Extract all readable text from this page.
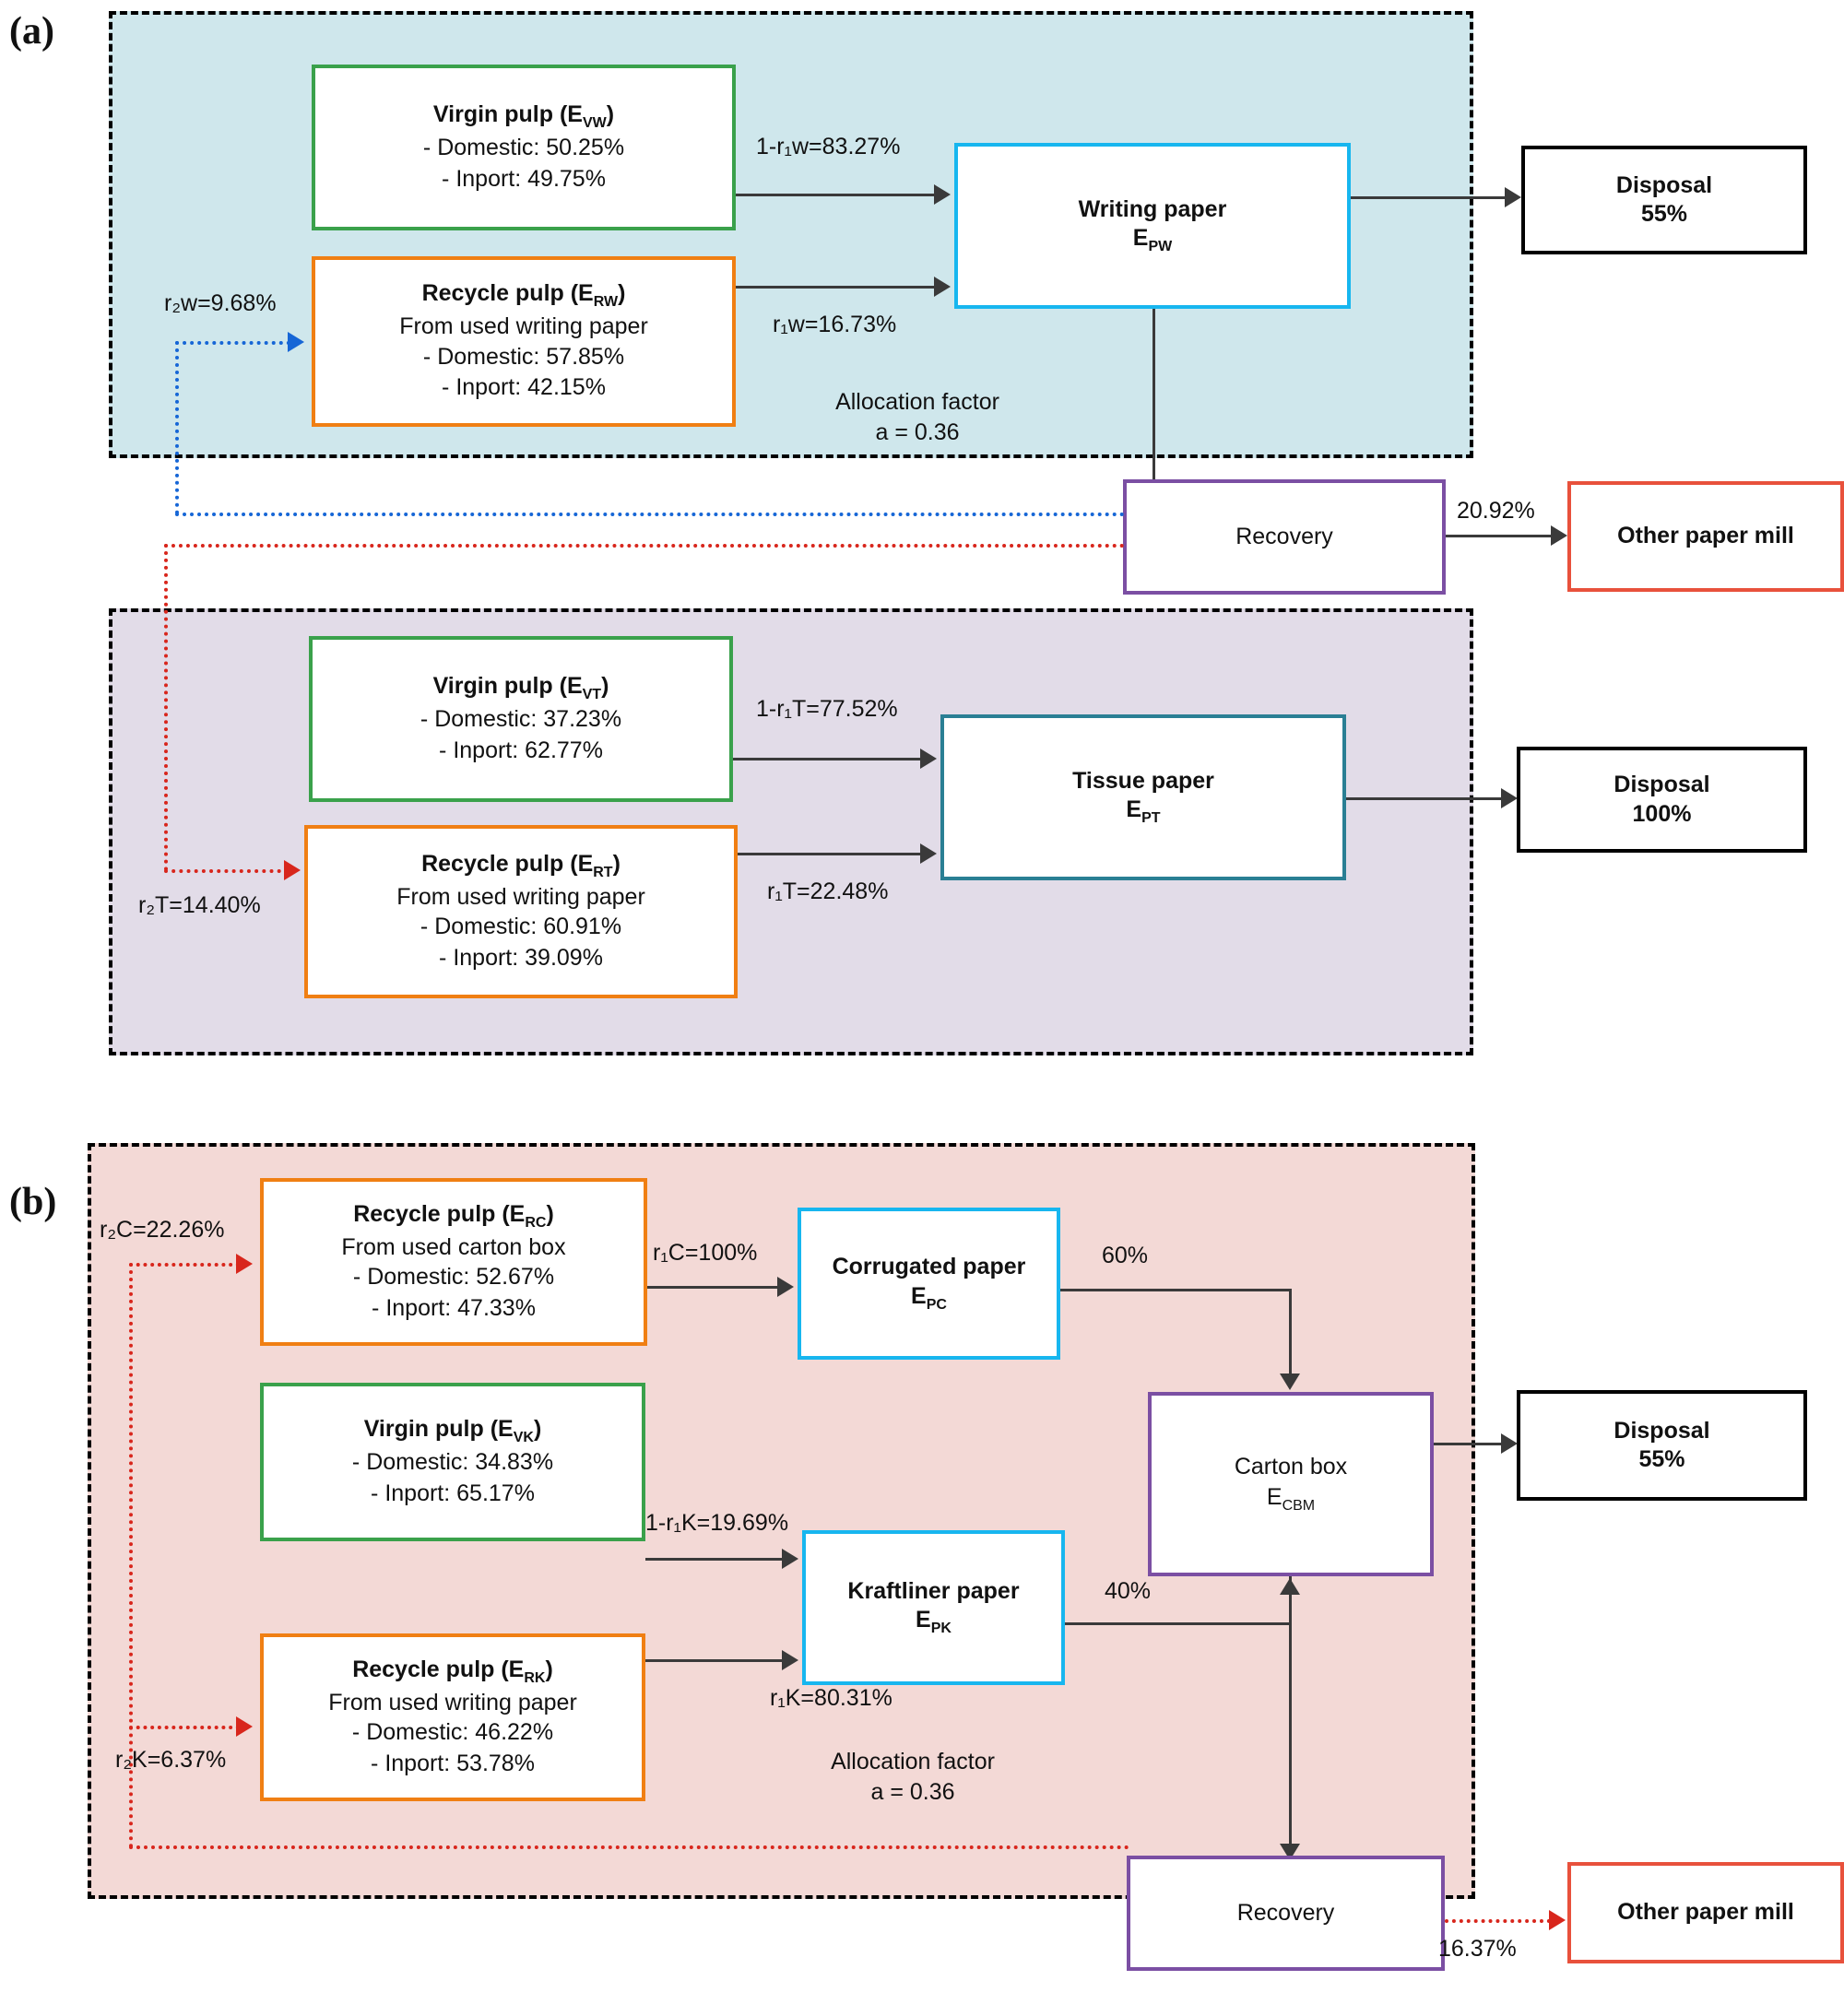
(a)
Virgin pulp $(E_{VW})$
- Domestic: 50.25%
- Inport: 49.75%
Recycle pulp $(E_{RW})$
From used writing paper
- Domestic: 57.85%
- Inport: 42.15%
Writing paper
$E_{PW}$
Disposal
55%
1-r₁w=83.27%
r₁w=16.73%
Allocation factor
a = 0.36
Recovery	Other paper mill
20.92%
r₂w=9.68%
r₂T=14.40%
Virgin pulp $(E_{VT})$
- Domestic: 37.23%
- Inport: 62.77%
Recycle pulp $(E_{RT})$
From used writing paper
- Domestic: 60.91%
- Inport: 39.09%
Tissue paper
$E_{PT}$
Disposal
100%
1-r₁T=77.52%
r₁T=22.48%
(b)	Recycle pulp $(E_{RC})$
From used carton box
- Domestic: 52.67%
- Inport: 47.33%
Corrugated paper
$E_{PC}$
r₁C=100%
Virgin pulp $(E_{VK})$
- Domestic: 34.83%
- Inport: 65.17%
Recycle pulp $(E_{RK})$
From used writing paper
- Domestic: 46.22%
- Inport: 53.78%
Kraftliner paper
$E_{PK}$
1-r₁K=19.69%
r₁K=80.31%
Carton box
$E_{CBM}$
60%
40%
Disposal
55%
Allocation factor
a = 0.36
Recovery	Other paper mill
16.37%
r₂C=22.26%
r₂K=6.37%
